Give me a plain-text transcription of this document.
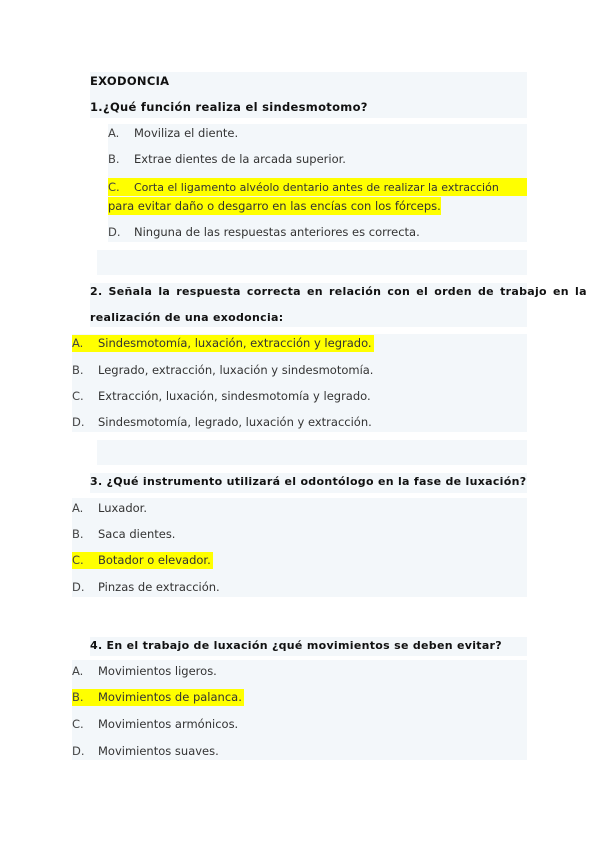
EXODONCIA
1.¿Qué función realiza el sindesmotomo?
A. Moviliza el diente.
B. Extrae dientes de la arcada superior.
C. Corta el ligamento alvéolo dentario antes de realizar la extracción
para evitar daño o desgarro en las encías con los fórceps.
D. Ninguna de las respuestas anteriores es correcta.
2. Señala la respuesta correcta en relación con el orden de trabajo en la
realización de una exodoncia:
A. Sindesmotomía, luxación, extracción y legrado.
B. Legrado, extracción, luxación y sindesmotomía.
C. Extracción, luxación, sindesmotomía y legrado.
D. Sindesmotomía, legrado, luxación y extracción.
3. ¿Qué instrumento utilizará el odontólogo en la fase de luxación?
A. Luxador.
B. Saca dientes.
C. Botador o elevador.
D. Pinzas de extracción.
4. En el trabajo de luxación ¿qué movimientos se deben evitar?
A. Movimientos ligeros.
B. Movimientos de palanca.
C. Movimientos armónicos.
D. Movimientos suaves.
